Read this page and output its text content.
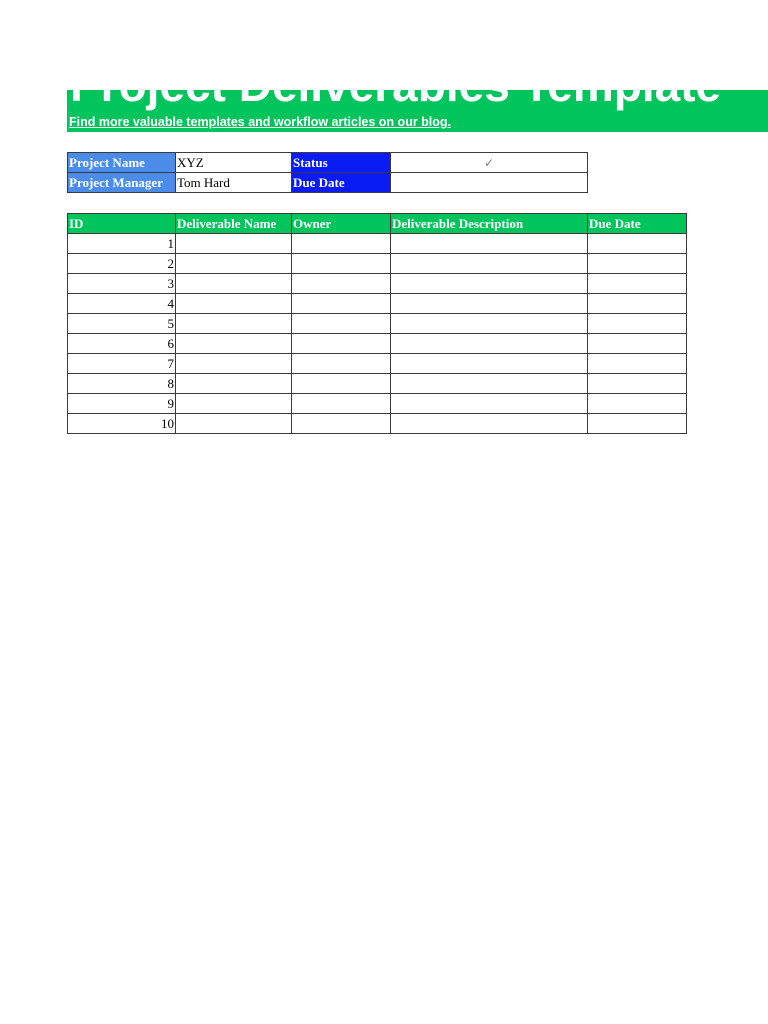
Project Deliverables Template
Find more valuable templates and workflow articles on our blog.
Project Name	XYZ	Status	✓
Project Manager	Tom Hard	Due Date	
ID	Deliverable Name	Owner	Deliverable Description	Due Date
1				
2				
3				
4				
5				
6				
7				
8				
9				
10				
